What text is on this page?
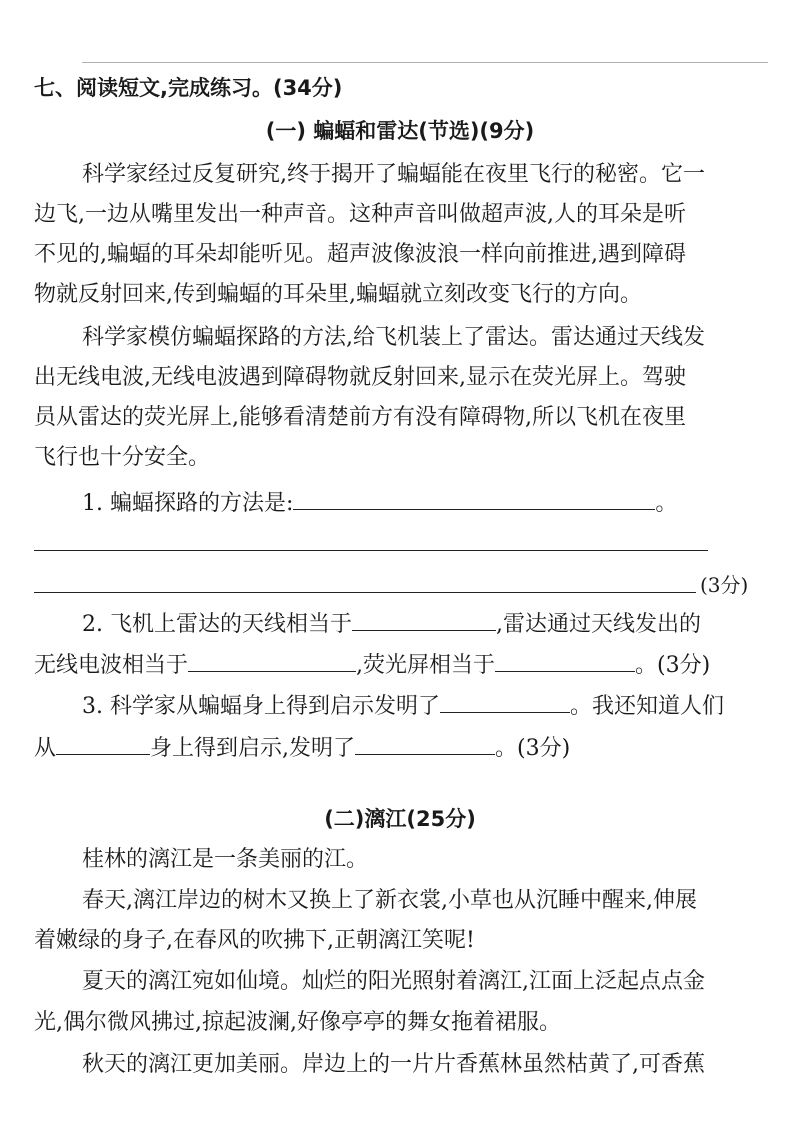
七、阅读短文,完成练习。(34分)
(一) 蝙蝠和雷达(节选)(9分)
科学家经过反复研究,终于揭开了蝙蝠能在夜里飞行的秘密。它一
边飞,一边从嘴里发出一种声音。这种声音叫做超声波,人的耳朵是听
不见的,蝙蝠的耳朵却能听见。超声波像波浪一样向前推进,遇到障碍
物就反射回来,传到蝙蝠的耳朵里,蝙蝠就立刻改变飞行的方向。
科学家模仿蝙蝠探路的方法,给飞机装上了雷达。雷达通过天线发
出无线电波,无线电波遇到障碍物就反射回来,显示在荧光屏上。驾驶
员从雷达的荧光屏上,能够看清楚前方有没有障碍物,所以飞机在夜里
飞行也十分安全。
1. 蝙蝠探路的方法是:	。
(3分)
2. 飞机上雷达的天线相当于	,雷达通过天线发出的
无线电波相当于	,荧光屏相当于	。(3分)
3. 科学家从蝙蝠身上得到启示发明了	。我还知道人们
从	身上得到启示,发明了	。(3分)
(二)漓江(25分)
桂林的漓江是一条美丽的江。
春天,漓江岸边的树木又换上了新衣裳,小草也从沉睡中醒来,伸展
着嫩绿的身子,在春风的吹拂下,正朝漓江笑呢!
夏天的漓江宛如仙境。灿烂的阳光照射着漓江,江面上泛起点点金
光,偶尔微风拂过,掠起波澜,好像亭亭的舞女拖着裙服。
秋天的漓江更加美丽。岸边上的一片片香蕉林虽然枯黄了,可香蕉
